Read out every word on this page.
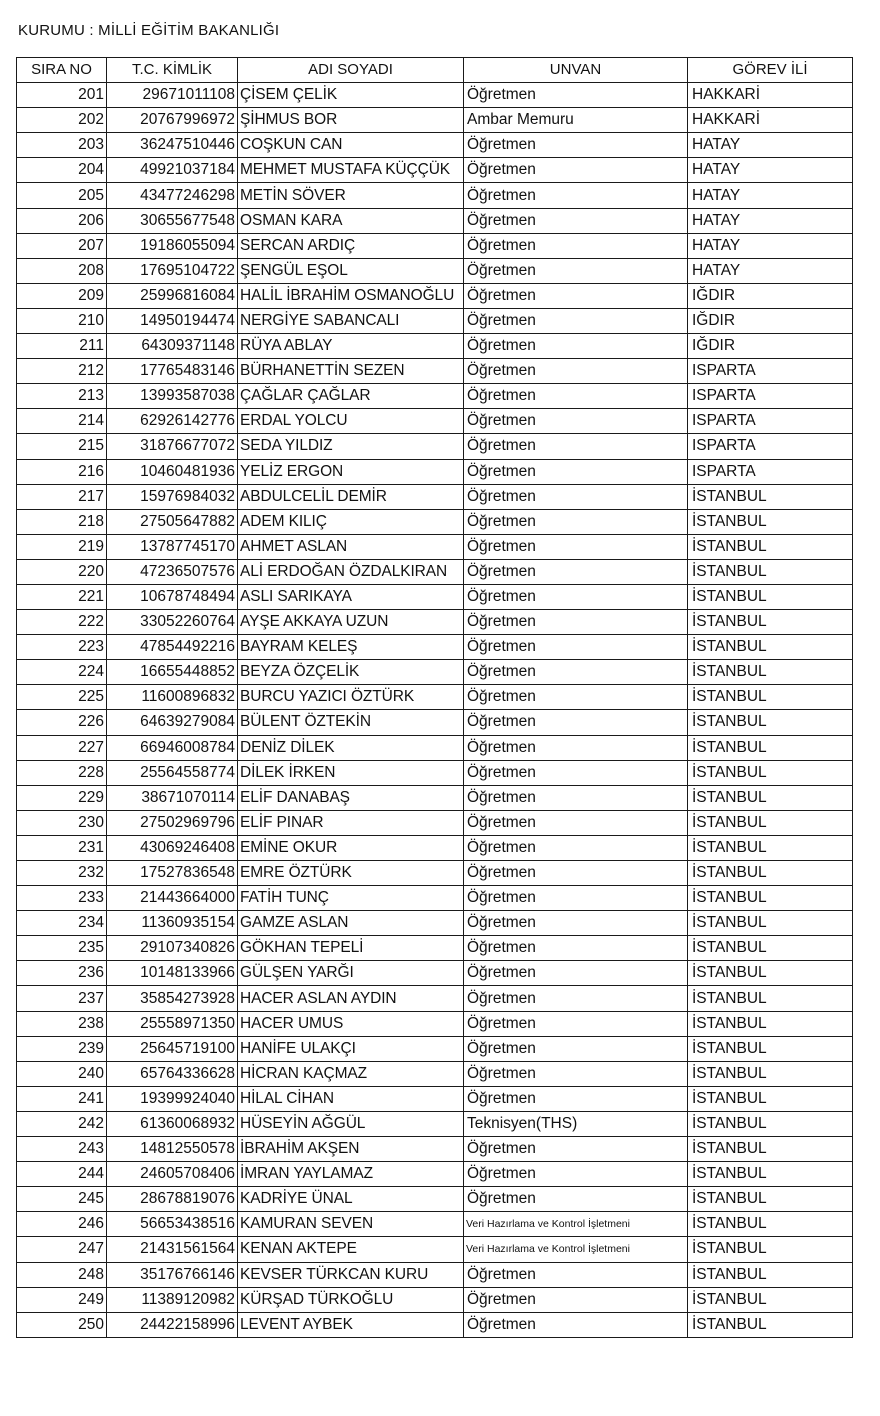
KURUMU : MİLLİ EĞİTİM BAKANLIĞI
SIRA NO	T.C. KİMLİK	ADI SOYADI	UNVAN	GÖREV İLİ
201	29671011108	ÇİSEM ÇELİK	Öğretmen	HAKKARİ
202	20767996972	ŞİHMUS BOR	Ambar Memuru	HAKKARİ
203	36247510446	COŞKUN CAN	Öğretmen	HATAY
204	49921037184	MEHMET MUSTAFA KÜÇÇÜK	Öğretmen	HATAY
205	43477246298	METİN SÖVER	Öğretmen	HATAY
206	30655677548	OSMAN KARA	Öğretmen	HATAY
207	19186055094	SERCAN ARDIÇ	Öğretmen	HATAY
208	17695104722	ŞENGÜL EŞOL	Öğretmen	HATAY
209	25996816084	HALİL İBRAHİM OSMANOĞLU	Öğretmen	IĞDIR
210	14950194474	NERGİYE SABANCALI	Öğretmen	IĞDIR
211	64309371148	RÜYA ABLAY	Öğretmen	IĞDIR
212	17765483146	BÜRHANETTİN SEZEN	Öğretmen	ISPARTA
213	13993587038	ÇAĞLAR ÇAĞLAR	Öğretmen	ISPARTA
214	62926142776	ERDAL YOLCU	Öğretmen	ISPARTA
215	31876677072	SEDA YILDIZ	Öğretmen	ISPARTA
216	10460481936	YELİZ ERGON	Öğretmen	ISPARTA
217	15976984032	ABDULCELİL DEMİR	Öğretmen	İSTANBUL
218	27505647882	ADEM KILIÇ	Öğretmen	İSTANBUL
219	13787745170	AHMET ASLAN	Öğretmen	İSTANBUL
220	47236507576	ALİ ERDOĞAN ÖZDALKIRAN	Öğretmen	İSTANBUL
221	10678748494	ASLI SARIKAYA	Öğretmen	İSTANBUL
222	33052260764	AYŞE AKKAYA UZUN	Öğretmen	İSTANBUL
223	47854492216	BAYRAM KELEŞ	Öğretmen	İSTANBUL
224	16655448852	BEYZA ÖZÇELİK	Öğretmen	İSTANBUL
225	11600896832	BURCU YAZICI ÖZTÜRK	Öğretmen	İSTANBUL
226	64639279084	BÜLENT ÖZTEKİN	Öğretmen	İSTANBUL
227	66946008784	DENİZ DİLEK	Öğretmen	İSTANBUL
228	25564558774	DİLEK İRKEN	Öğretmen	İSTANBUL
229	38671070114	ELİF DANABAŞ	Öğretmen	İSTANBUL
230	27502969796	ELİF PINAR	Öğretmen	İSTANBUL
231	43069246408	EMİNE OKUR	Öğretmen	İSTANBUL
232	17527836548	EMRE ÖZTÜRK	Öğretmen	İSTANBUL
233	21443664000	FATİH TUNÇ	Öğretmen	İSTANBUL
234	11360935154	GAMZE ASLAN	Öğretmen	İSTANBUL
235	29107340826	GÖKHAN TEPELİ	Öğretmen	İSTANBUL
236	10148133966	GÜLŞEN YARĞI	Öğretmen	İSTANBUL
237	35854273928	HACER ASLAN AYDIN	Öğretmen	İSTANBUL
238	25558971350	HACER UMUS	Öğretmen	İSTANBUL
239	25645719100	HANİFE ULAKÇI	Öğretmen	İSTANBUL
240	65764336628	HİCRAN KAÇMAZ	Öğretmen	İSTANBUL
241	19399924040	HİLAL CİHAN	Öğretmen	İSTANBUL
242	61360068932	HÜSEYİN AĞGÜL	Teknisyen(THS)	İSTANBUL
243	14812550578	İBRAHİM AKŞEN	Öğretmen	İSTANBUL
244	24605708406	İMRAN YAYLAMAZ	Öğretmen	İSTANBUL
245	28678819076	KADRİYE ÜNAL	Öğretmen	İSTANBUL
246	56653438516	KAMURAN SEVEN	Veri Hazırlama ve Kontrol İşletmeni	İSTANBUL
247	21431561564	KENAN AKTEPE	Veri Hazırlama ve Kontrol İşletmeni	İSTANBUL
248	35176766146	KEVSER TÜRKCAN KURU	Öğretmen	İSTANBUL
249	11389120982	KÜRŞAD TÜRKOĞLU	Öğretmen	İSTANBUL
250	24422158996	LEVENT AYBEK	Öğretmen	İSTANBUL
